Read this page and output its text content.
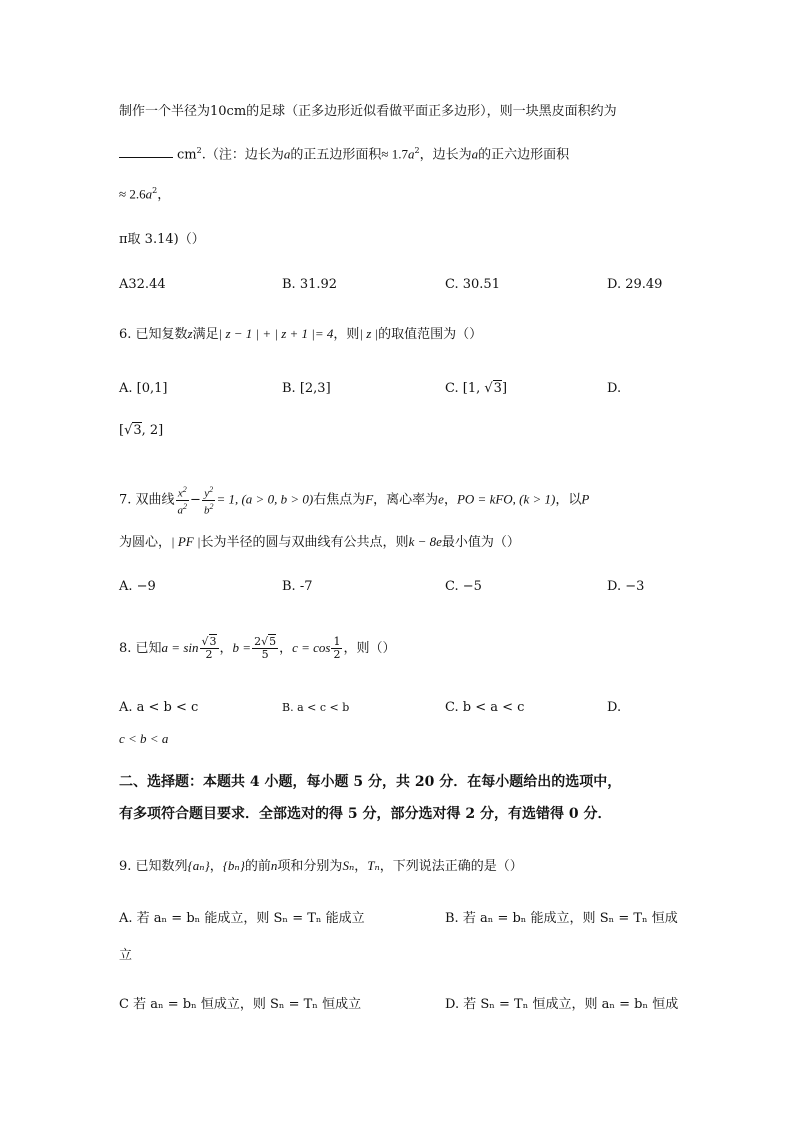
制作一个半径为10cm的足球（正多边形近似看做平面正多边形），则一块黑皮面积约为
$cm^2$.（注：边长为a的正五边形面积≈ $1.7a^2$，边长为a的正六边形面积
≈ $2.6a^2$，
π取 3.14)（）
A32.44	B. 31.92	C. 30.51	D. 29.49
6. 已知复数z满足| z − 1 | + | z + 1 |= 4，则| z |的取值范围为（）
A. [0,1]	B. [2,3]	C. [1, √3]	D.
[√3, 2]
7. 双曲线 $\frac{x^2}{a^2} - \frac{y^2}{b^2} = 1$, (a > 0, b > 0)右焦点为F，离心率为e，PO = kFO, (k > 1)，以P
为圆心，| PF |长为半径的圆与双曲线有公共点，则k − 8e最小值为（）
A. −9	B. -7	C. −5	D. −3
8. 已知$a = \sin \frac{√3}{2}$ ，$b = \frac{2√5}{5}$ ，$c = \cos \frac{1}{2}$ ，则（）
A. a < b < c	B. a < c < b	C. b < a < c	D.
c < b < a
二、选择题：本题共 4 小题，每小题 5 分，共 20 分．在每小题给出的选项中，
有多项符合题目要求．全部选对的得 5 分，部分选对得 2 分，有选错得 0 分．
9. 已知数列{aₙ}，{bₙ}的前n项和分别为Sₙ，Tₙ，下列说法正确的是（）
A. 若 aₙ = bₙ 能成立，则 Sₙ = Tₙ 能成立	B. 若 aₙ = bₙ 能成立，则 Sₙ = Tₙ 恒成
立
C 若 aₙ = bₙ 恒成立，则 Sₙ = Tₙ 恒成立	D. 若 Sₙ = Tₙ 恒成立，则 aₙ = bₙ 恒成
